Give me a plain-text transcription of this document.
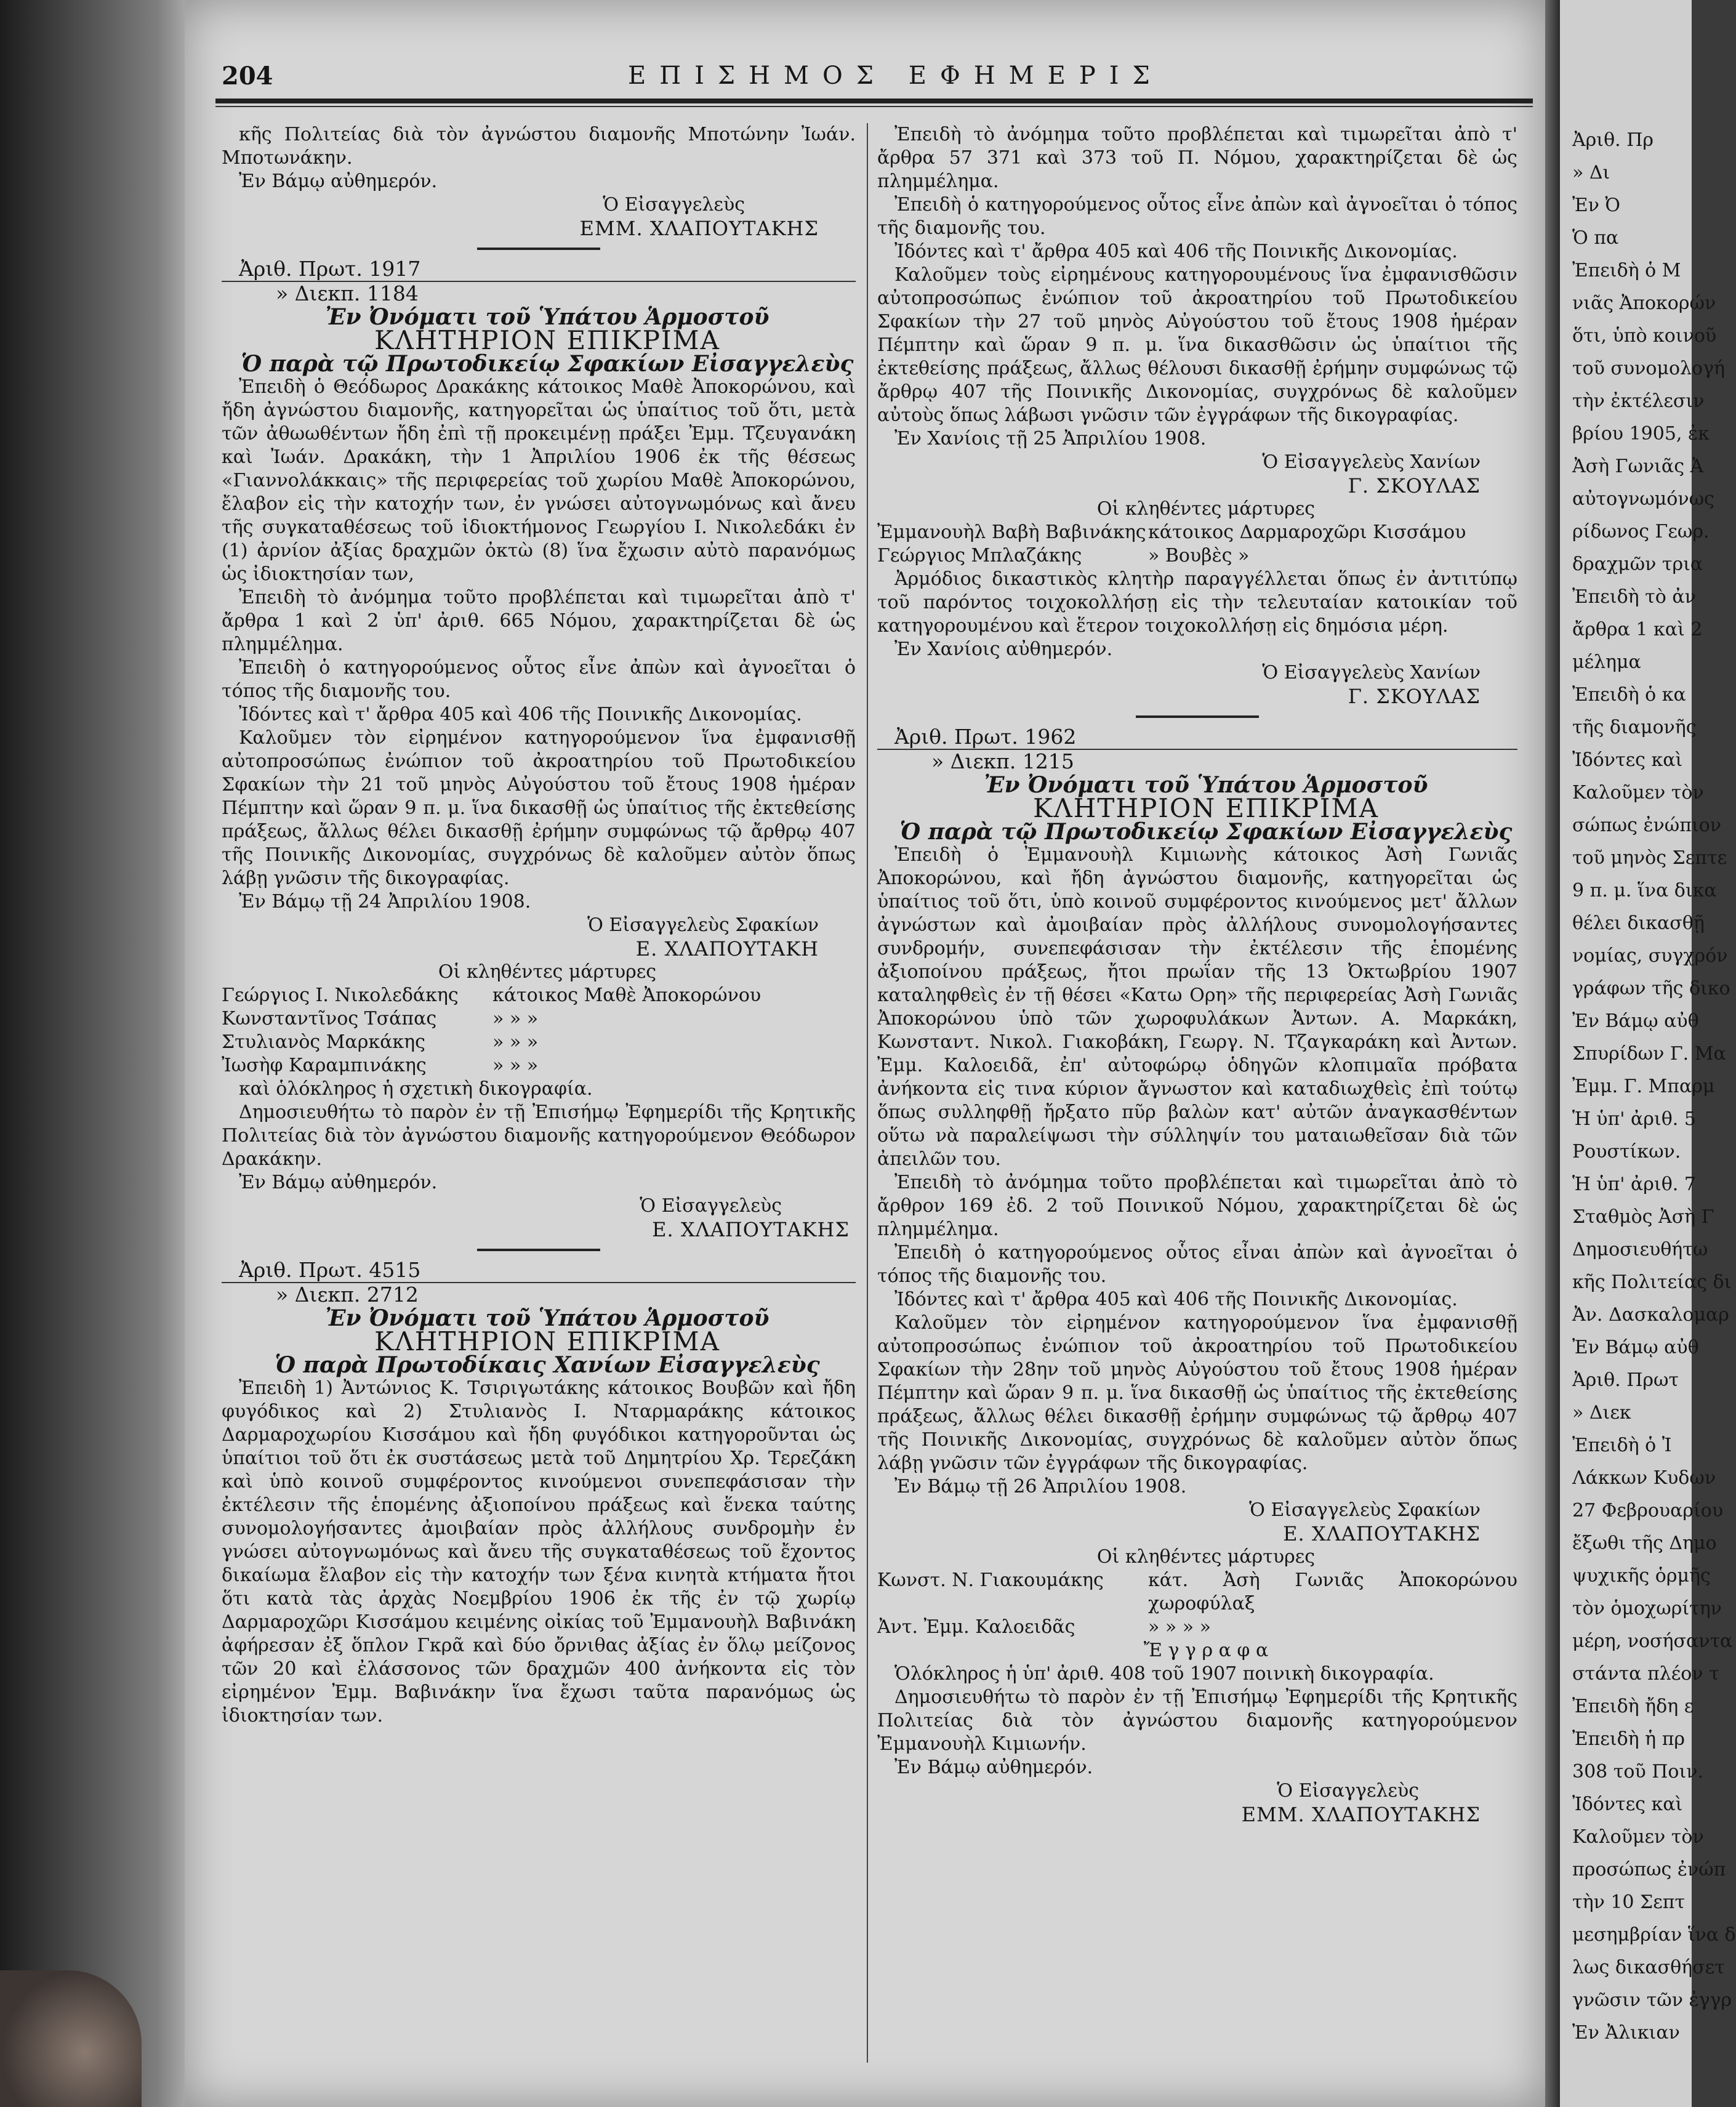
204	ΕΠΙΣΗΜΟΣ ΕΦΗΜΕΡΙΣ

κῆς Πολιτείας διὰ τὸν ἀγνώστου διαμονῆς Μποτώνην Ἰωάν. Μποτωνάκην.

Ἐν Βάμῳ αὐθημερόν.

Ὁ Εἰσαγγελεὺς

ΕΜΜ. ΧΛΑΠΟΥΤΑΚΗΣ

Ἀριθ. Πρωτ. 1917

» Διεκπ. 1184

Ἐν Ὀνόματι τοῦ Ὑπάτου Ἁρμοστοῦ

ΚΛΗΤΗΡΙΟΝ ΕΠΙΚΡΙΜΑ

Ὁ παρὰ τῷ Πρωτοδικείῳ Σφακίων Εἰσαγγελεὺς

Ἐπειδὴ ὁ Θεόδωρος Δρακάκης κάτοικος Μαθὲ Ἀποκορώνου, καὶ ἤδη ἀγνώστου διαμονῆς, κατηγορεῖται ὡς ὑπαίτιος τοῦ ὅτι, μετὰ τῶν ἀθωωθέντων ἤδη ἐπὶ τῇ προκειμένῃ πράξει Ἐμμ. Τζευγανάκη καὶ Ἰωάν. Δρακάκη, τὴν 1 Ἀπριλίου 1906 ἐκ τῆς θέσεως «Γιαννολάκκαις» τῆς περιφερείας τοῦ χωρίου Μαθὲ Ἀποκορώνου, ἔλαβον εἰς τὴν κατοχήν των, ἐν γνώσει αὐτογνωμόνως καὶ ἄνευ τῆς συγκαταθέσεως τοῦ ἰδιοκτήμονος Γεωργίου Ι. Νικολεδάκι ἐν (1) ἀρνίον ἀξίας δραχμῶν ὀκτὼ (8) ἵνα ἔχωσιν αὐτὸ παρανόμως ὡς ἰδιοκτησίαν των,

Ἐπειδὴ τὸ ἀνόμημα τοῦτο προβλέπεται καὶ τιμωρεῖται ἀπὸ τ' ἄρθρα 1 καὶ 2 ὑπ' ἀριθ. 665 Νόμου, χαρακτηρίζεται δὲ ὡς πλημμέλημα.

Ἐπειδὴ ὁ κατηγορούμενος οὗτος εἶνε ἀπὼν καὶ ἀγνοεῖται ὁ τόπος τῆς διαμονῆς του.

Ἰδόντες καὶ τ' ἄρθρα 405 καὶ 406 τῆς Ποινικῆς Δικονομίας.

Καλοῦμεν τὸν εἰρημένον κατηγορούμενον ἵνα ἐμφανισθῇ αὐτοπροσώπως ἐνώπιον τοῦ ἀκροατηρίου τοῦ Πρωτοδικείου Σφακίων τὴν 21 τοῦ μηνὸς Αὐγούστου τοῦ ἔτους 1908 ἡμέραν Πέμπτην καὶ ὥραν 9 π. μ. ἵνα δικασθῇ ὡς ὑπαίτιος τῆς ἐκτεθείσης πράξεως, ἄλλως θέλει δικασθῇ ἐρήμην συμφώνως τῷ ἄρθρῳ 407 τῆς Ποινικῆς Δικονομίας, συγχρόνως δὲ καλοῦμεν αὐτὸν ὅπως λάβῃ γνῶσιν τῆς δικογραφίας.

Ἐν Βάμῳ τῇ 24 Ἀπριλίου 1908.

Ὁ Εἰσαγγελεὺς Σφακίων

Ε. ΧΛΑΠΟΥΤΑΚΗ

Οἱ κληθέντες μάρτυρες

Γεώργιος Ι. Νικολεδάκης	κάτοικος Μαθὲ Ἀποκορώνου
Κωνσταντῖνος Τσάπας	» » »
Στυλιανὸς Μαρκάκης	» » »
Ἰωσὴφ Καραμπινάκης	» » »

καὶ ὁλόκληρος ἡ σχετικὴ δικογραφία.

Δημοσιευθήτω τὸ παρὸν ἐν τῇ Ἐπισήμῳ Ἐφημερίδι τῆς Κρητικῆς Πολιτείας διὰ τὸν ἀγνώστου διαμονῆς κατηγορούμενον Θεόδωρον Δρακάκην.

Ἐν Βάμῳ αὐθημερόν.

Ὁ Εἰσαγγελεὺς

Ε. ΧΛΑΠΟΥΤΑΚΗΣ

Ἀριθ. Πρωτ. 4515

» Διεκπ. 2712

Ἐν Ὀνόματι τοῦ Ὑπάτου Ἁρμοστοῦ

ΚΛΗΤΗΡΙΟΝ ΕΠΙΚΡΙΜΑ

Ὁ παρὰ Πρωτοδίκαις Χανίων Εἰσαγγελεὺς

Ἐπειδὴ 1) Ἀντώνιος Κ. Τσιριγωτάκης κάτοικος Βουβῶν καὶ ἤδη φυγόδικος καὶ 2) Στυλιανὸς Ι. Νταρμαράκης κάτοικος Δαρμαροχωρίου Κισσάμου καὶ ἤδη φυγόδικοι κατηγοροῦνται ὡς ὑπαίτιοι τοῦ ὅτι ἐκ συστάσεως μετὰ τοῦ Δημητρίου Χρ. Τερεζάκη καὶ ὑπὸ κοινοῦ συμφέροντος κινούμενοι συνεπεφάσισαν τὴν ἐκτέλεσιν τῆς ἑπομένης ἀξιοποίνου πράξεως καὶ ἕνεκα ταύτης συνομολογήσαντες ἀμοιβαίαν πρὸς ἀλλήλους συνδρομὴν ἐν γνώσει αὐτογνωμόνως καὶ ἄνευ τῆς συγκαταθέσεως τοῦ ἔχοντος δικαίωμα ἔλαβον εἰς τὴν κατοχήν των ξένα κινητὰ κτήματα ἤτοι ὅτι κατὰ τὰς ἀρχὰς Νοεμβρίου 1906 ἐκ τῆς ἐν τῷ χωρίῳ Δαρμαροχῶρι Κισσάμου κειμένης οἰκίας τοῦ Ἐμμανουὴλ Βαβινάκη ἀφήρεσαν ἐξ ὅπλον Γκρᾶ καὶ δύο ὄρνιθας ἀξίας ἐν ὅλῳ μείζονος τῶν 20 καὶ ἐλάσσονος τῶν δραχμῶν 400 ἀνήκοντα εἰς τὸν εἰρημένον Ἐμμ. Βαβινάκην ἵνα ἔχωσι ταῦτα παρανόμως ὡς ἰδιοκτησίαν των.

Ἐπειδὴ τὸ ἀνόμημα τοῦτο προβλέπεται καὶ τιμωρεῖται ἀπὸ τ' ἄρθρα 57 371 καὶ 373 τοῦ Π. Νόμου, χαρακτηρίζεται δὲ ὡς πλημμέλημα.

Ἐπειδὴ ὁ κατηγορούμενος οὗτος εἶνε ἀπὼν καὶ ἀγνοεῖται ὁ τόπος τῆς διαμονῆς του.

Ἰδόντες καὶ τ' ἄρθρα 405 καὶ 406 τῆς Ποινικῆς Δικονομίας.

Καλοῦμεν τοὺς εἰρημένους κατηγορουμένους ἵνα ἐμφανισθῶσιν αὐτοπροσώπως ἐνώπιον τοῦ ἀκροατηρίου τοῦ Πρωτοδικείου Σφακίων τὴν 27 τοῦ μηνὸς Αὐγούστου τοῦ ἔτους 1908 ἡμέραν Πέμπτην καὶ ὥραν 9 π. μ. ἵνα δικασθῶσιν ὡς ὑπαίτιοι τῆς ἐκτεθείσης πράξεως, ἄλλως θέλουσι δικασθῇ ἐρήμην συμφώνως τῷ ἄρθρῳ 407 τῆς Ποινικῆς Δικονομίας, συγχρόνως δὲ καλοῦμεν αὐτοὺς ὅπως λάβωσι γνῶσιν τῶν ἐγγράφων τῆς δικογραφίας.

Ἐν Χανίοις τῇ 25 Ἀπριλίου 1908.

Ὁ Εἰσαγγελεὺς Χανίων

Γ. ΣΚΟΥΛΑΣ

Οἱ κληθέντες μάρτυρες

Ἐμμανουὴλ Βαβὴ Βαβινάκης κάτοικος Δαρμαροχῶρι Κισσάμου
Γεώργιος Μπλαζάκης	» Βουβὲς »

Ἀρμόδιος δικαστικὸς κλητὴρ παραγγέλλεται ὅπως ἐν ἀντιτύπῳ τοῦ παρόντος τοιχοκολλήσῃ εἰς τὴν τελευταίαν κατοικίαν τοῦ κατηγορουμένου καὶ ἕτερον τοιχοκολλήσῃ εἰς δημόσια μέρη.

Ἐν Χανίοις αὐθημερόν.

Ὁ Εἰσαγγελεὺς Χανίων

Γ. ΣΚΟΥΛΑΣ

Ἀριθ. Πρωτ. 1962

» Διεκπ. 1215

Ἐν Ὀνόματι τοῦ Ὑπάτου Ἁρμοστοῦ

ΚΛΗΤΗΡΙΟΝ ΕΠΙΚΡΙΜΑ

Ὁ παρὰ τῷ Πρωτοδικείῳ Σφακίων Εἰσαγγελεὺς

Ἐπειδὴ ὁ Ἐμμανουὴλ Κιμιωνὴς κάτοικος Ἀσὴ Γωνιᾶς Ἀποκορώνου, καὶ ἤδη ἀγνώστου διαμονῆς, κατηγορεῖται ὡς ὑπαίτιος τοῦ ὅτι, ὑπὸ κοινοῦ συμφέροντος κινούμενος μετ' ἄλλων ἀγνώστων καὶ ἀμοιβαίαν πρὸς ἀλλήλους συνομολογήσαντες συνδρομήν, συνεπεφάσισαν τὴν ἐκτέλεσιν τῆς ἑπομένης ἀξιοποίνου πράξεως, ἤτοι πρωΐαν τῆς 13 Ὀκτωβρίου 1907 καταληφθεὶς ἐν τῇ θέσει «Κατω Ορη» τῆς περιφερείας Ἀσὴ Γωνιᾶς Ἀποκορώνου ὑπὸ τῶν χωροφυλάκων Ἀντων. Α. Μαρκάκη, Κωνσταντ. Νικολ. Γιακοβάκη, Γεωργ. Ν. Τζαγκαράκη καὶ Ἀντων. Ἐμμ. Καλοειδᾶ, ἐπ' αὐτοφώρῳ ὁδηγῶν κλοπιμαῖα πρόβατα ἀνήκοντα εἰς τινα κύριον ἄγνωστον καὶ καταδιωχθεὶς ἐπὶ τούτῳ ὅπως συλληφθῇ ἤρξατο πῦρ βαλὼν κατ' αὐτῶν ἀναγκασθέντων οὕτω νὰ παραλείψωσι τὴν σύλληψίν του ματαιωθεῖσαν διὰ τῶν ἀπειλῶν του.

Ἐπειδὴ τὸ ἀνόμημα τοῦτο προβλέπεται καὶ τιμωρεῖται ἀπὸ τὸ ἄρθρον 169 ἐδ. 2 τοῦ Ποινικοῦ Νόμου, χαρακτηρίζεται δὲ ὡς πλημμέλημα.

Ἐπειδὴ ὁ κατηγορούμενος οὗτος εἶναι ἀπὼν καὶ ἀγνοεῖται ὁ τόπος τῆς διαμονῆς του.

Ἰδόντες καὶ τ' ἄρθρα 405 καὶ 406 τῆς Ποινικῆς Δικονομίας.

Καλοῦμεν τὸν εἰρημένον κατηγορούμενον ἵνα ἐμφανισθῇ αὐτοπροσώπως ἐνώπιον τοῦ ἀκροατηρίου τοῦ Πρωτοδικείου Σφακίων τὴν 28ην τοῦ μηνὸς Αὐγούστου τοῦ ἔτους 1908 ἡμέραν Πέμπτην καὶ ὥραν 9 π. μ. ἵνα δικασθῇ ὡς ὑπαίτιος τῆς ἐκτεθείσης πράξεως, ἄλλως θέλει δικασθῇ ἐρήμην συμφώνως τῷ ἄρθρῳ 407 τῆς Ποινικῆς Δικονομίας, συγχρόνως δὲ καλοῦμεν αὐτὸν ὅπως λάβῃ γνῶσιν τῶν ἐγγράφων τῆς δικογραφίας.

Ἐν Βάμῳ τῇ 26 Ἀπριλίου 1908.

Ὁ Εἰσαγγελεὺς Σφακίων

Ε. ΧΛΑΠΟΥΤΑΚΗΣ

Οἱ κληθέντες μάρτυρες

Κωνστ. Ν. Γιακουμάκης	κάτ. Ἀσὴ Γωνιᾶς Ἀποκορώνου χωροφύλαξ
Ἀντ. Ἐμμ. Καλοειδᾶς	» » » »

Ἔ γ γ ρ α φ α

Ὁλόκληρος ἡ ὑπ' ἀριθ. 408 τοῦ 1907 ποινικὴ δικογραφία.

Δημοσιευθήτω τὸ παρὸν ἐν τῇ Ἐπισήμῳ Ἐφημερίδι τῆς Κρητικῆς Πολιτείας διὰ τὸν ἀγνώστου διαμονῆς κατηγορούμενον Ἐμμανουὴλ Κιμιωνήν.

Ἐν Βάμῳ αὐθημερόν.

Ὁ Εἰσαγγελεὺς

ΕΜΜ. ΧΛΑΠΟΥΤΑΚΗΣ

Ἀριθ. Πρ
» Δι
Ἐν Ὀ
Ὁ πα
Ἐπειδὴ ὁ Μ
νιᾶς Ἀποκορών
ὅτι, ὑπὸ κοινοῦ
τοῦ συνομολογή
τὴν ἐκτέλεσιν
βρίου 1905, ἐκ
Ἀσὴ Γωνιᾶς Ἀ
αὐτογνωμόνως
ρίδωνος Γεωρ.
δραχμῶν τρια
Ἐπειδὴ τὸ ἀν
ἄρθρα 1 καὶ 2
μέλημα
Ἐπειδὴ ὁ κα
τῆς διαμονῆς
Ἰδόντες καὶ
Καλοῦμεν τὸν
σώπως ἐνώπιον
τοῦ μηνὸς Σεπτε
9 π. μ. ἵνα δικα
θέλει δικασθῇ
νομίας, συγχρόν
γράφων τῆς δικο
Ἐν Βάμῳ αὐθ
Σπυρίδων Γ. Μα
Ἐμμ. Γ. Μπαρμ
Ἡ ὑπ' ἀριθ. 5
Ρουστίκων.
Ἡ ὑπ' ἀριθ. 7
Σταθμὸς Ἀσὴ Γ
Δημοσιευθήτω
κῆς Πολιτείας δι
Ἀν. Δασκαλομαρ
Ἐν Βάμῳ αὐθ
Ἀριθ. Πρωτ
» Διεκ
Ἐπειδὴ ὁ Ἰ
Λάκκων Κυδων
27 Φεβρουαρίου
ἔξωθι τῆς Δημο
ψυχικῆς ὁρμῆς
τὸν ὁμοχωρίτην
μέρη, νοσήσαντα
στάντα πλέον τ
Ἐπειδὴ ἤδη ε
Ἐπειδὴ ἡ πρ
308 τοῦ Ποιν.
Ἰδόντες καὶ
Καλοῦμεν τὸν
προσώπως ἐνώπ
τὴν 10 Σεπτ
μεσημβρίαν ἵνα δ
λως δικασθήσετ
γνῶσιν τῶν ἐγγρ
Ἐν Ἀλικιαν
